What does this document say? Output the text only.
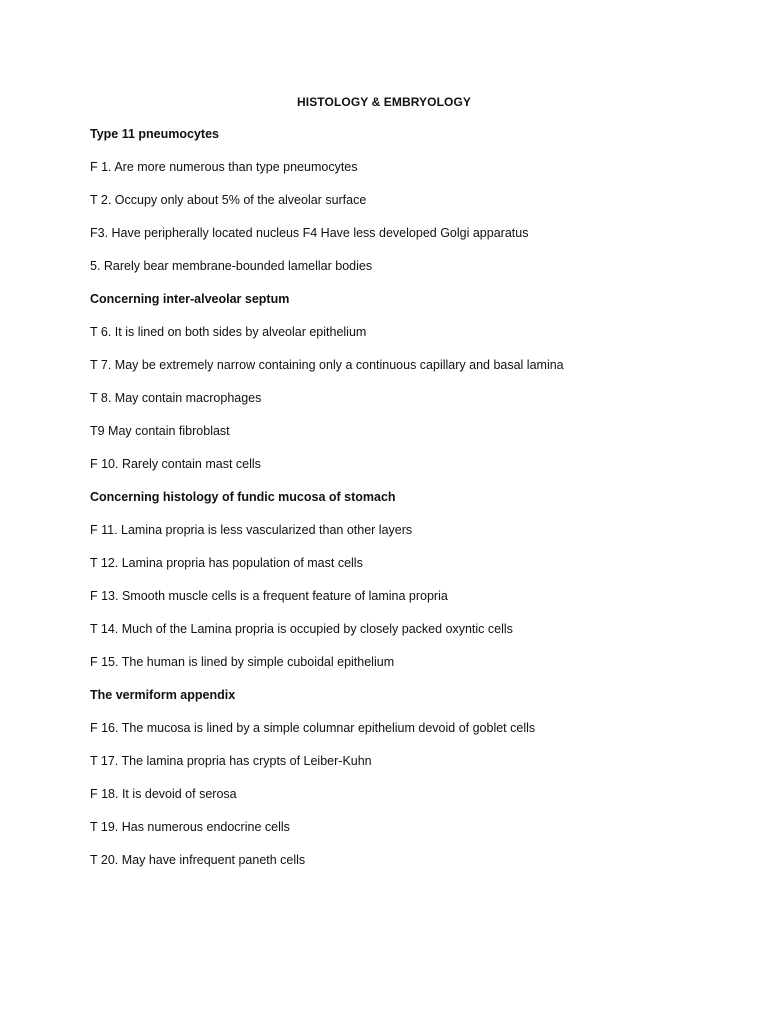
HISTOLOGY & EMBRYOLOGY
Type 11 pneumocytes
F 1. Are more numerous than type pneumocytes
T 2. Occupy only about 5% of the alveolar surface
F3. Have peripherally located nucleus F4 Have less developed Golgi apparatus
5. Rarely bear membrane-bounded lamellar bodies
Concerning inter-alveolar septum
T 6. It is lined on both sides by alveolar epithelium
T 7. May be extremely narrow containing only a continuous capillary and basal lamina
T 8. May contain macrophages
T9 May contain fibroblast
F 10. Rarely contain mast cells
Concerning histology of fundic mucosa of stomach
F 11. Lamina propria is less vascularized than other layers
T 12. Lamina propria has population of mast cells
F 13. Smooth muscle cells is a frequent feature of lamina propria
T 14. Much of the Lamina propria is occupied by closely packed oxyntic cells
F 15. The human is lined by simple cuboidal epithelium
The vermiform appendix
F 16. The mucosa is lined by a simple columnar epithelium devoid of goblet cells
T 17. The lamina propria has crypts of Leiber-Kuhn
F 18. It is devoid of serosa
T 19. Has numerous endocrine cells
T 20. May have infrequent paneth cells
